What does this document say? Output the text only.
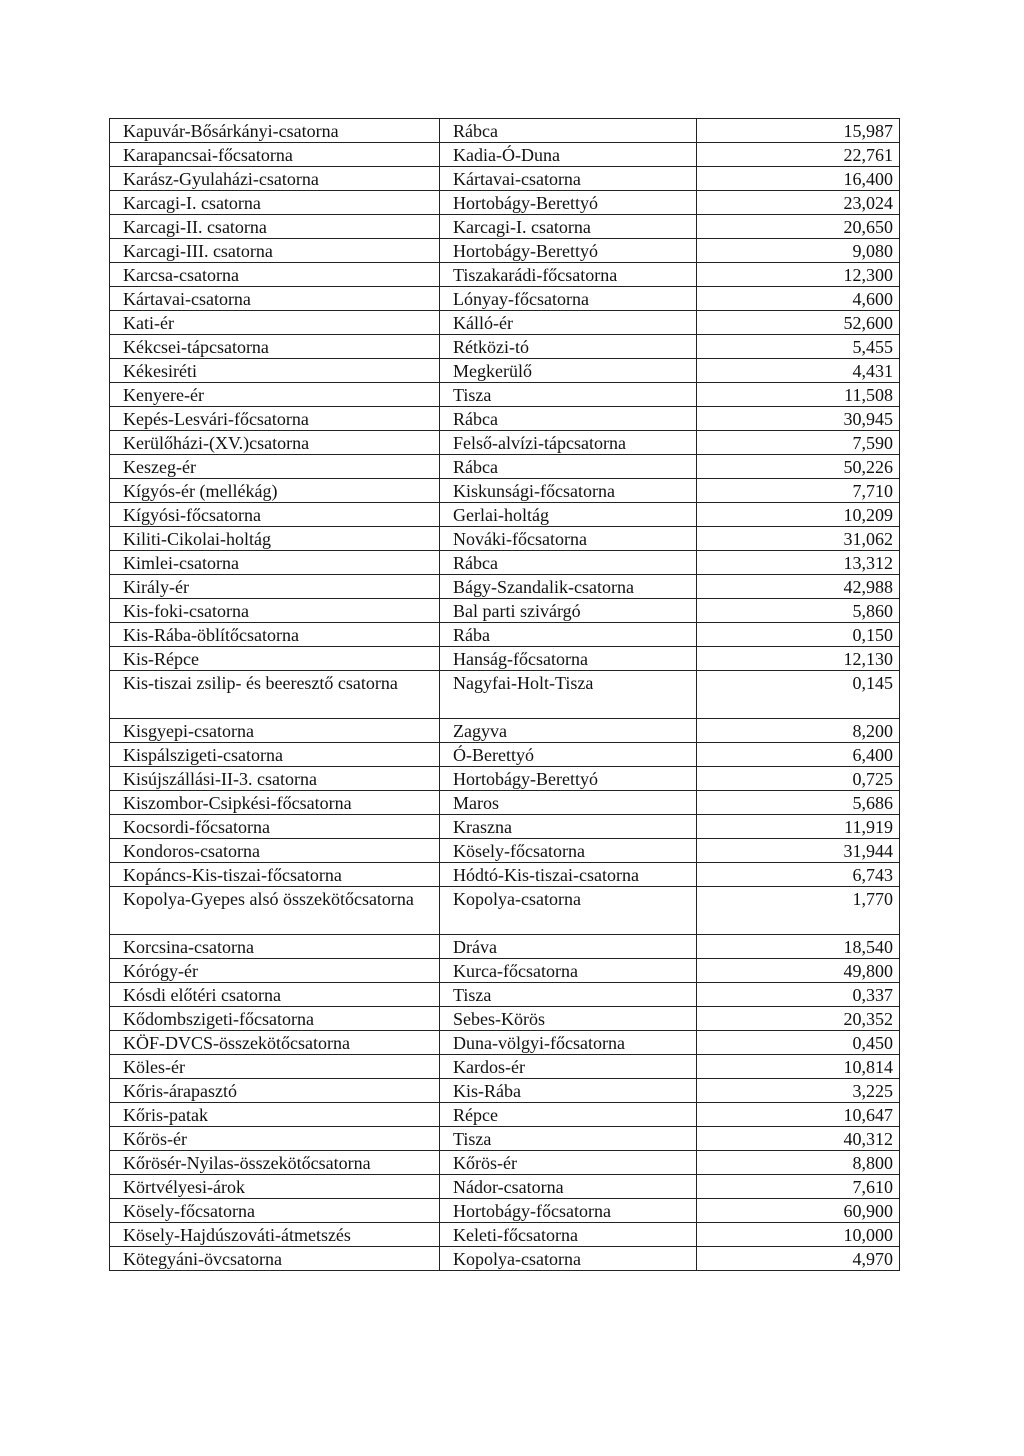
Kapuvár-Bősárkányi-csatorna	Rábca	15,987
Karapancsai-főcsatorna	Kadia-Ó-Duna	22,761
Karász-Gyulaházi-csatorna	Kártavai-csatorna	16,400
Karcagi-I. csatorna	Hortobágy-Berettyó	23,024
Karcagi-II. csatorna	Karcagi-I. csatorna	20,650
Karcagi-III. csatorna	Hortobágy-Berettyó	9,080
Karcsa-csatorna	Tiszakarádi-főcsatorna	12,300
Kártavai-csatorna	Lónyay-főcsatorna	4,600
Kati-ér	Kálló-ér	52,600
Kékcsei-tápcsatorna	Rétközi-tó	5,455
Kékesiréti	Megkerülő	4,431
Kenyere-ér	Tisza	11,508
Kepés-Lesvári-főcsatorna	Rábca	30,945
Kerülőházi-(XV.)csatorna	Felső-alvízi-tápcsatorna	7,590
Keszeg-ér	Rábca	50,226
Kígyós-ér (mellékág)	Kiskunsági-főcsatorna	7,710
Kígyósi-főcsatorna	Gerlai-holtág	10,209
Kiliti-Cikolai-holtág	Nováki-főcsatorna	31,062
Kimlei-csatorna	Rábca	13,312
Király-ér	Bágy-Szandalik-csatorna	42,988
Kis-foki-csatorna	Bal parti szivárgó	5,860
Kis-Rába-öblítőcsatorna	Rába	0,150
Kis-Répce	Hanság-főcsatorna	12,130
Kis-tiszai zsilip- és beeresztő csatorna	Nagyfai-Holt-Tisza	0,145
Kisgyepi-csatorna	Zagyva	8,200
Kispálszigeti-csatorna	Ó-Berettyó	6,400
Kisújszállási-II-3. csatorna	Hortobágy-Berettyó	0,725
Kiszombor-Csipkési-főcsatorna	Maros	5,686
Kocsordi-főcsatorna	Kraszna	11,919
Kondoros-csatorna	Kösely-főcsatorna	31,944
Kopáncs-Kis-tiszai-főcsatorna	Hódtó-Kis-tiszai-csatorna	6,743
Kopolya-Gyepes alsó összekötőcsatorna	Kopolya-csatorna	1,770
Korcsina-csatorna	Dráva	18,540
Kórógy-ér	Kurca-főcsatorna	49,800
Kósdi előtéri csatorna	Tisza	0,337
Kődombszigeti-főcsatorna	Sebes-Körös	20,352
KÖF-DVCS-összekötőcsatorna	Duna-völgyi-főcsatorna	0,450
Köles-ér	Kardos-ér	10,814
Kőris-árapasztó	Kis-Rába	3,225
Kőris-patak	Répce	10,647
Kőrös-ér	Tisza	40,312
Kőrösér-Nyilas-összekötőcsatorna	Kőrös-ér	8,800
Körtvélyesi-árok	Nádor-csatorna	7,610
Kösely-főcsatorna	Hortobágy-főcsatorna	60,900
Kösely-Hajdúszováti-átmetszés	Keleti-főcsatorna	10,000
Kötegyáni-övcsatorna	Kopolya-csatorna	4,970
